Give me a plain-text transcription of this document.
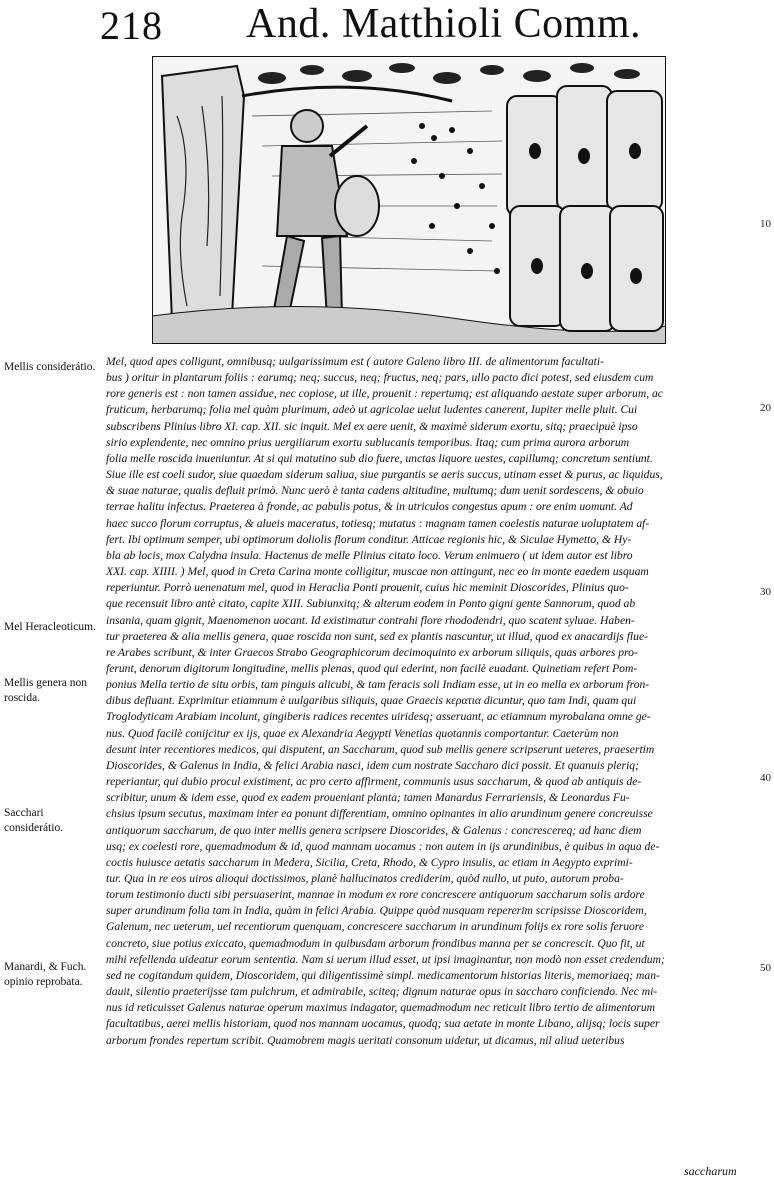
218 And. Matthioli Comm.
10
20
30
40
50
Mellis considerátio.
Mel Heracleoticum.
Mellis genera non roscida.
Sacchari considerátio.
Manardi, & Fuch. opinio reprobata.
Mel, quod apes colligunt, omnibusq; uulgarissimum est ( autore Galeno libro III. de alimentorum facultati-
bus ) oritur in plantarum foliis : earumq; neq; succus, neq; fructus, neq; pars, ullo pacto dici potest, sed eiusdem cum
rore generis est : non tamen assidue, nec copiose, ut ille, prouenit : repertumq; est aliquando aestate super arborum, ac
fruticum, herbarumq; folia mel quàm plurimum, adeò ut agricolae uelut ludentes canerent, Iupiter melle pluit. Cui
subscribens Plinius libro XI. cap. XII. sic inquit. Mel ex aere uenit, & maximè siderum exortu, sitq; praecipuè ipso
sirio explendente, nec omnino prius uergiliarum exortu sublucanis temporibus. Itaq; cum prima aurora arborum
folia melle roscida inueniuntur. At si qui matutino sub dio fuere, unctas liquore uestes, capillumq; concretum sentiunt.
Siue ille est coeli sudor, siue quaedam siderum saliua, siue purgantis se aeris succus, utinam esset & purus, ac liquidus,
& suae naturae, qualis defluit primò. Nunc uerò è tanta cadens altitudine, multumq; dum uenit sordescens, & obuio
terrae halitu infectus. Praeterea à fronde, ac pabulis potus, & in utriculos congestus apum : ore enim uomunt. Ad
haec succo florum corruptus, & alueis maceratus, totiesq; mutatus : magnam tamen coelestis naturae uoluptatem af-
fert. Ibi optimum semper, ubi optimorum doliolis florum conditur. Atticae regionis hic, & Siculae Hymetto, & Hy-
bla ab locis, mox Calydna insula. Hactenus de melle Plinius citato loco. Verum enimuero ( ut idem autor est libro
XXI. cap. XIIII. ) Mel, quod in Creta Carina monte colligitur, muscae non attingunt, nec eo in monte eaedem usquam
reperiuntur. Porrò uenenatum mel, quod in Heraclia Ponti prouenit, cuius hic meminit Dioscorides, Plinius quo-
que recensuit libro antè citato, capite XIII. Subiunxitq; & alterum eodem in Ponto gigni gente Sannorum, quod ab
insania, quam gignit, Maenomenon uocant. Id existimatur contrahi flore rhododendri, quo scatent syluae. Haben-
tur praeterea & alia mellis genera, quae roscida non sunt, sed ex plantis nascuntur, ut illud, quod ex anacardijs flue-
re Arabes scribunt, & inter Graecos Strabo Geographicorum decimoquinto ex arborum siliquis, quas arbores pro-
ferunt, denorum digitorum longitudine, mellis plenas, quod qui ederint, non facilè euadant. Quinetiam refert Pom-
ponius Mella tertio de situ orbis, tam pinguis alicubi, & tam feracis soli Indiam esse, ut in eo mella ex arborum fron-
dibus defluant. Exprimitur etiamnum è uulgaribus siliquis, quae Graecis κερατια dicuntur, quo tam Indi, quam qui
Troglodyticam Arabiam incolunt, gingiberis radices recentes uiridesq; asseruant, ac etiamnum myrobalana omne ge-
nus. Quod facilè conijcitur ex ijs, quae ex Alexandria Aegypti Venetias quotannis comportantur. Caeterùm non
desunt inter recentiores medicos, qui disputent, an Saccharum, quod sub mellis genere scripserunt ueteres, praesertim
Dioscorides, & Galenus in India, & felici Arabia nasci, idem cum nostrate Saccharo dici possit. Et quanuis pleriq;
reperiantur, qui dubio procul existiment, ac pro certo affirment, communis usus saccharum, & quod ab antiquis de-
scribitur, unum & idem esse, quod ex eadem proueniant planta; tamen Manardus Ferrariensis, & Leonardus Fu-
chsius ipsum secutus, maximam inter ea ponunt differentiam, omnino opinantes in alio arundinum genere concreuisse
antiquorum saccharum, de quo inter mellis genera scripsere Dioscorides, & Galenus : concrescereq; ad hanc diem
usq; ex coelesti rore, quemadmodum & id, quod mannam uocamus : non autem in ijs arundinibus, è quibus in aqua de-
coctis huiusce aetatis saccharum in Medera, Sicilia, Creta, Rhodo, & Cypro insulis, ac etiam in Aegypto exprimi-
tur. Qua in re eos uiros alioqui doctissimos, planè hallucinatos crediderim, quòd nullo, ut puto, autorum proba-
torum testimonio ducti sibi persuaserint, mannae in modum ex rore concrescere antiquorum saccharum solis ardore
super arundinum folia tam in India, quàm in felici Arabia. Quippe quòd nusquam repererim scripsisse Dioscoridem,
Galenum, nec ueterum, uel recentiorum quenquam, concrescere saccharum in arundinum folijs ex rore solis feruore
concreto, siue potius exiccato, quemadmodum in quibusdam arborum frondibus manna per se concrescit. Quo fit, ut
mihi refellenda uideatur eorum sententia. Nam si uerum illud esset, ut ipsi imaginantur, non modò non esset credendum;
sed ne cogitandum quidem, Dioscoridem, qui diligentissimè simpl. medicamentorum historias literis, memoriaeq; man-
dauit, silentio praeterijsse tam pulchrum, et admirabile, sciteq; dignum naturae opus in saccharo conficiendo. Nec mi-
nus id reticuisset Galenus naturae operum maximus indagator, quemadmodum nec reticuit libro tertio de alimentorum
facultatibus, aerei mellis historiam, quod nos mannam uocamus, quodq; sua aetate in monte Libano, alijsq; locis super
arborum frondes repertum scribit. Quamobrem magis ueritati consonum uidetur, ut dicamus, nil aliud ueteribus
saccharum
